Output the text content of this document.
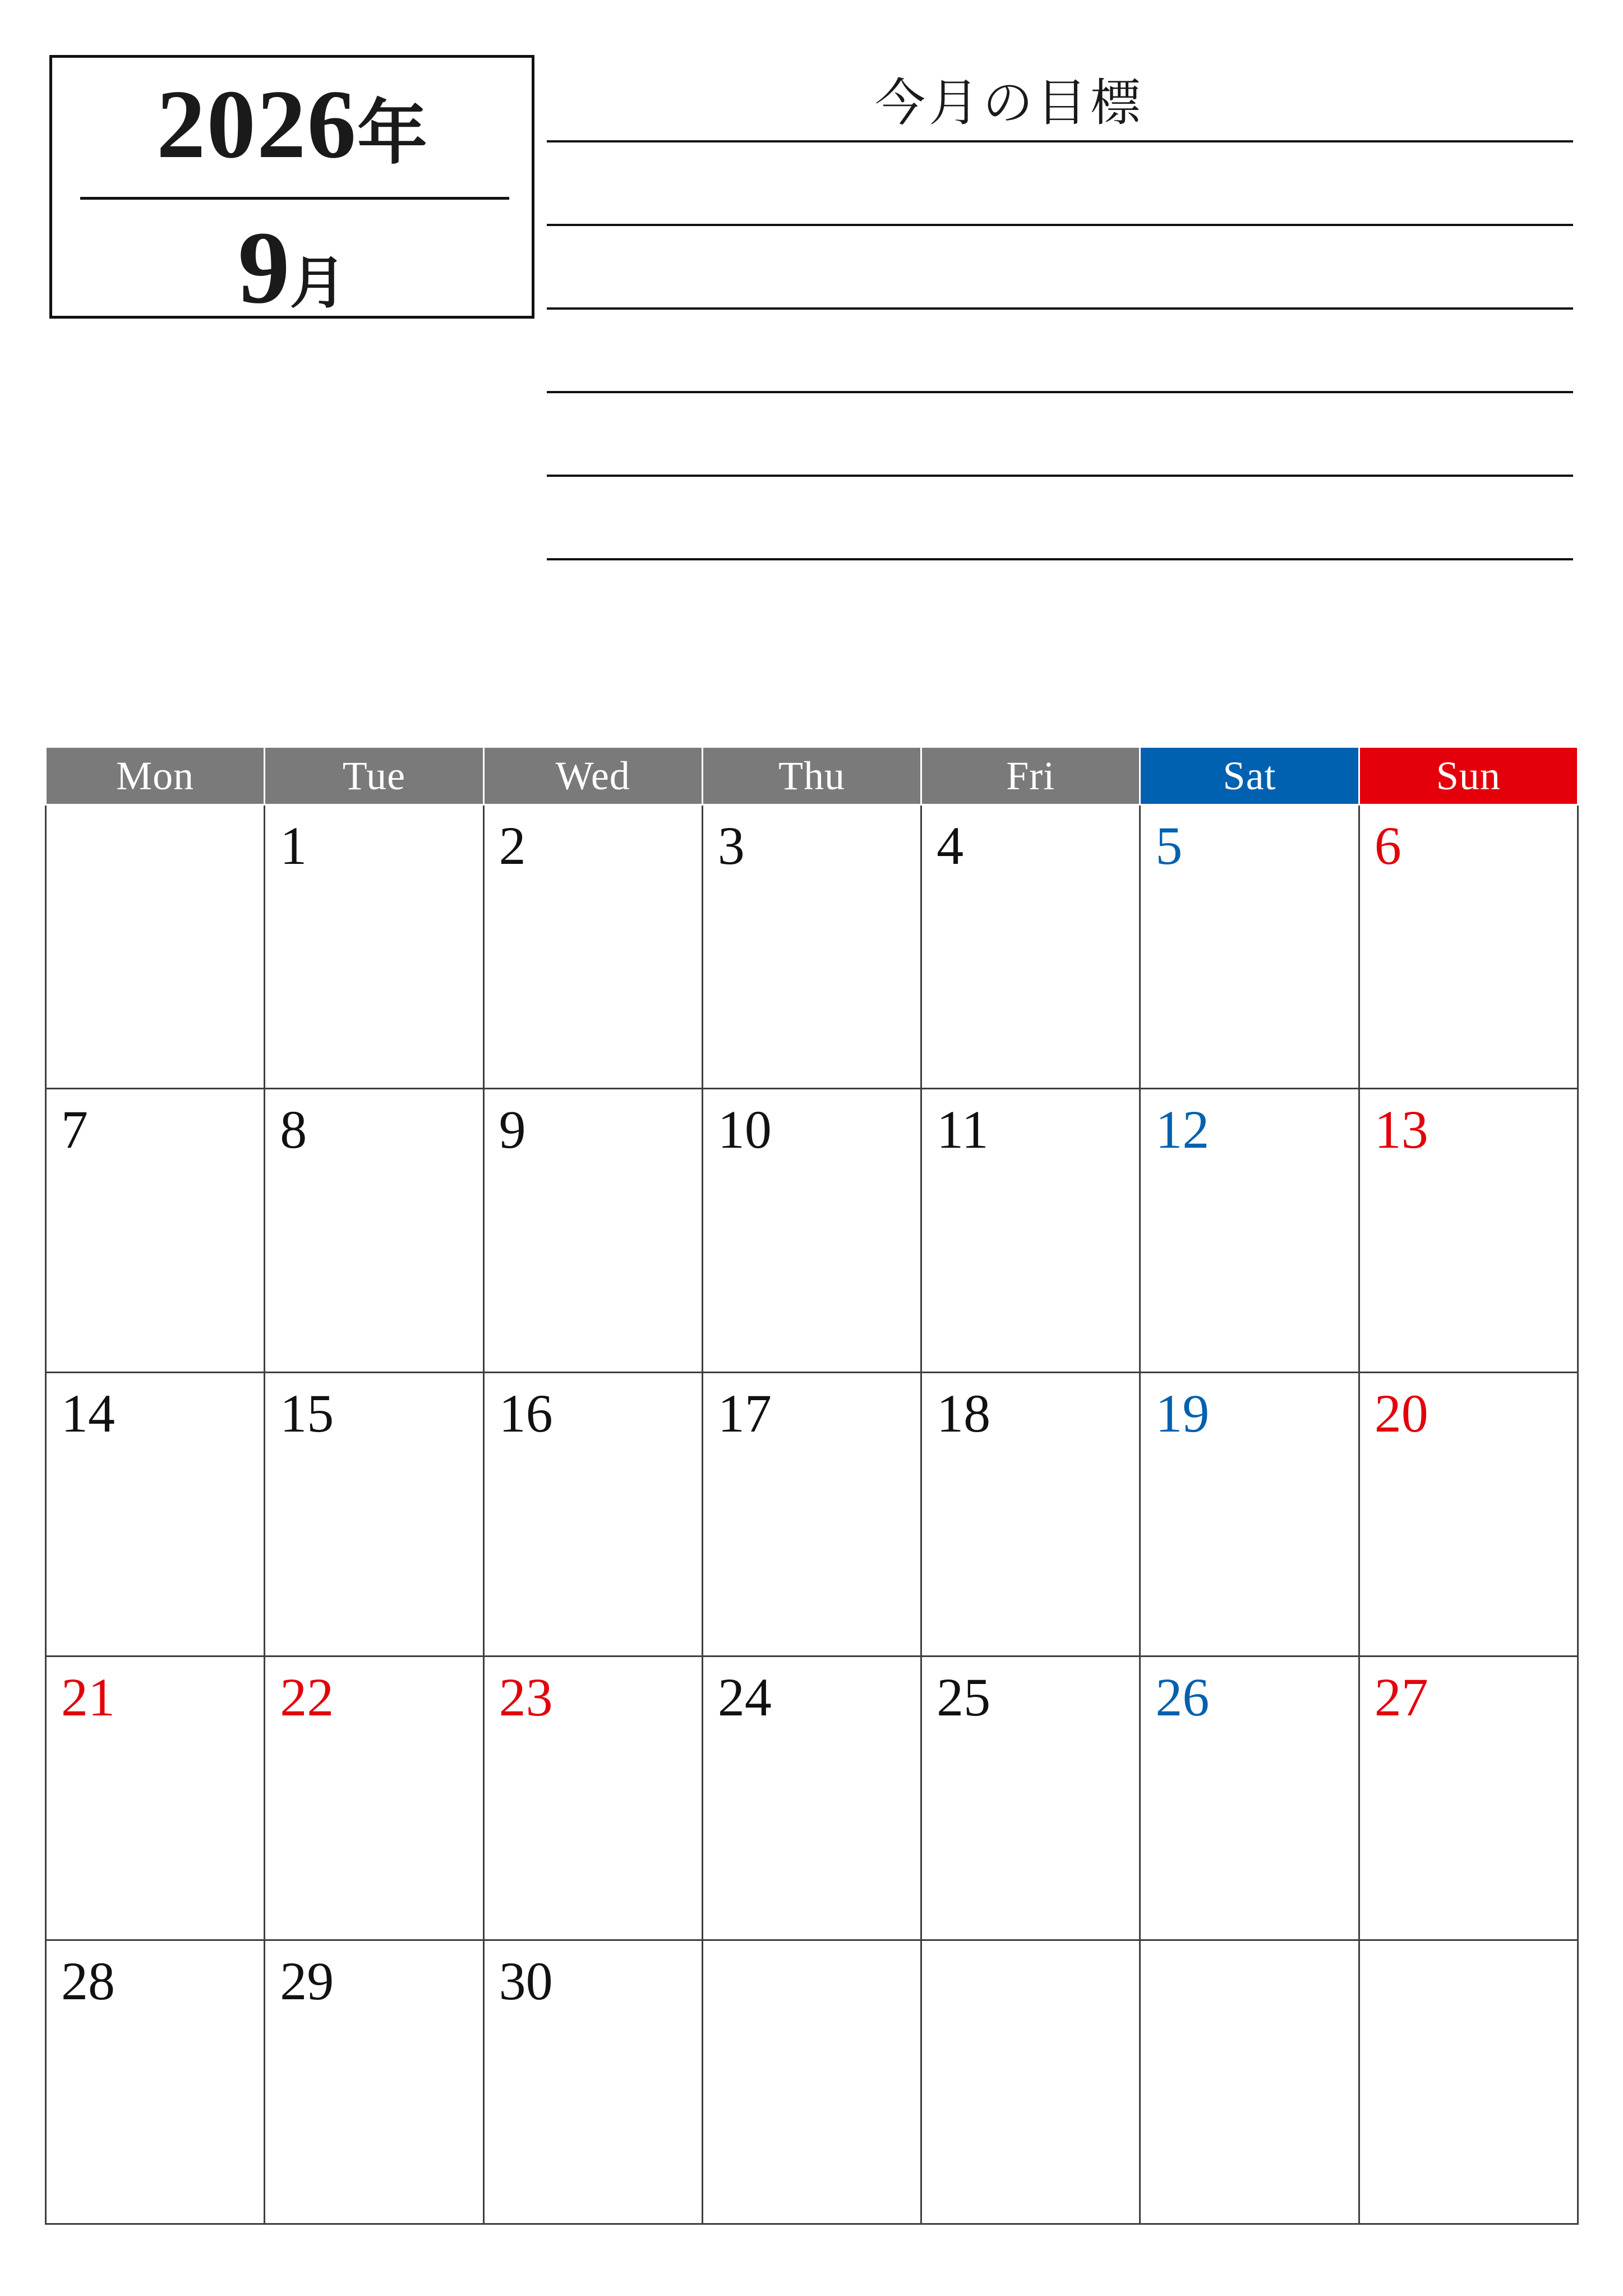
2026年
9月
今月の目標
Mon	Tue	Wed	Thu	Fri	Sat	Sun

	1	2	3	4	5	6

7	8	9	10	11	12	13

14	15	16	17	18	19	20

21	22	23	24	25	26	27

28	29	30				
